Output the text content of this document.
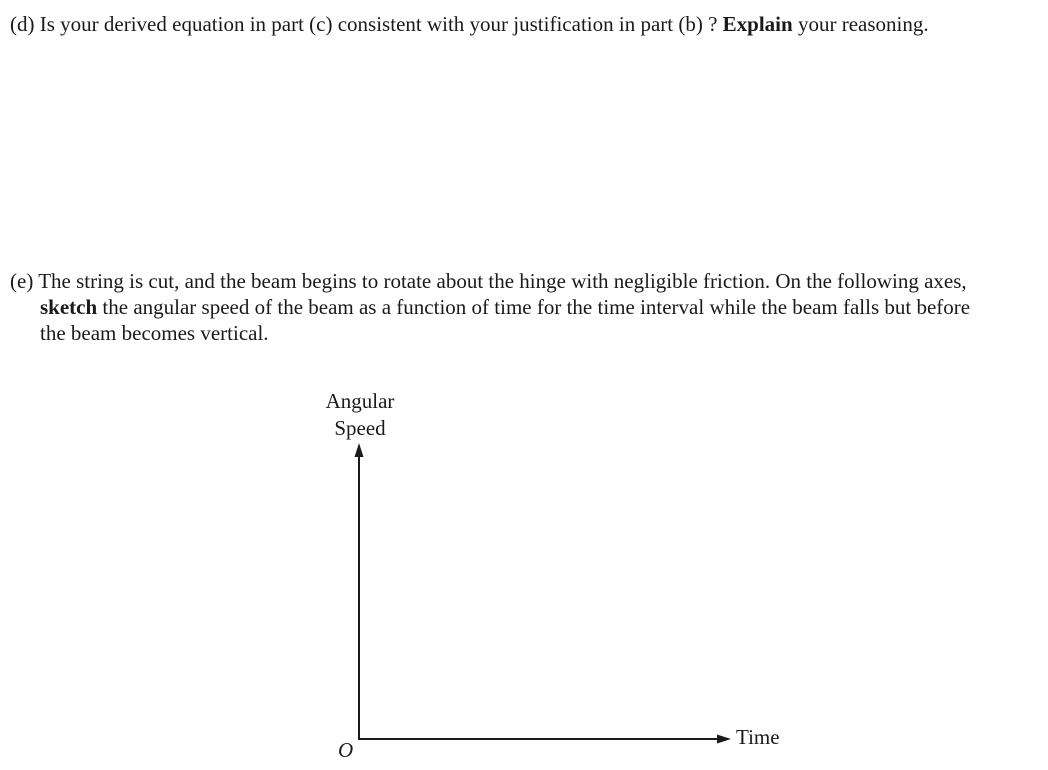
(d) Is your derived equation in part (c) consistent with your justification in part (b) ? Explain your reasoning.

(e) The string is cut, and the beam begins to rotate about the hinge with negligible friction. On the following axes,
sketch the angular speed of the beam as a function of time for the time interval while the beam falls but before
the beam becomes vertical.

Angular
Speed
Time
O
